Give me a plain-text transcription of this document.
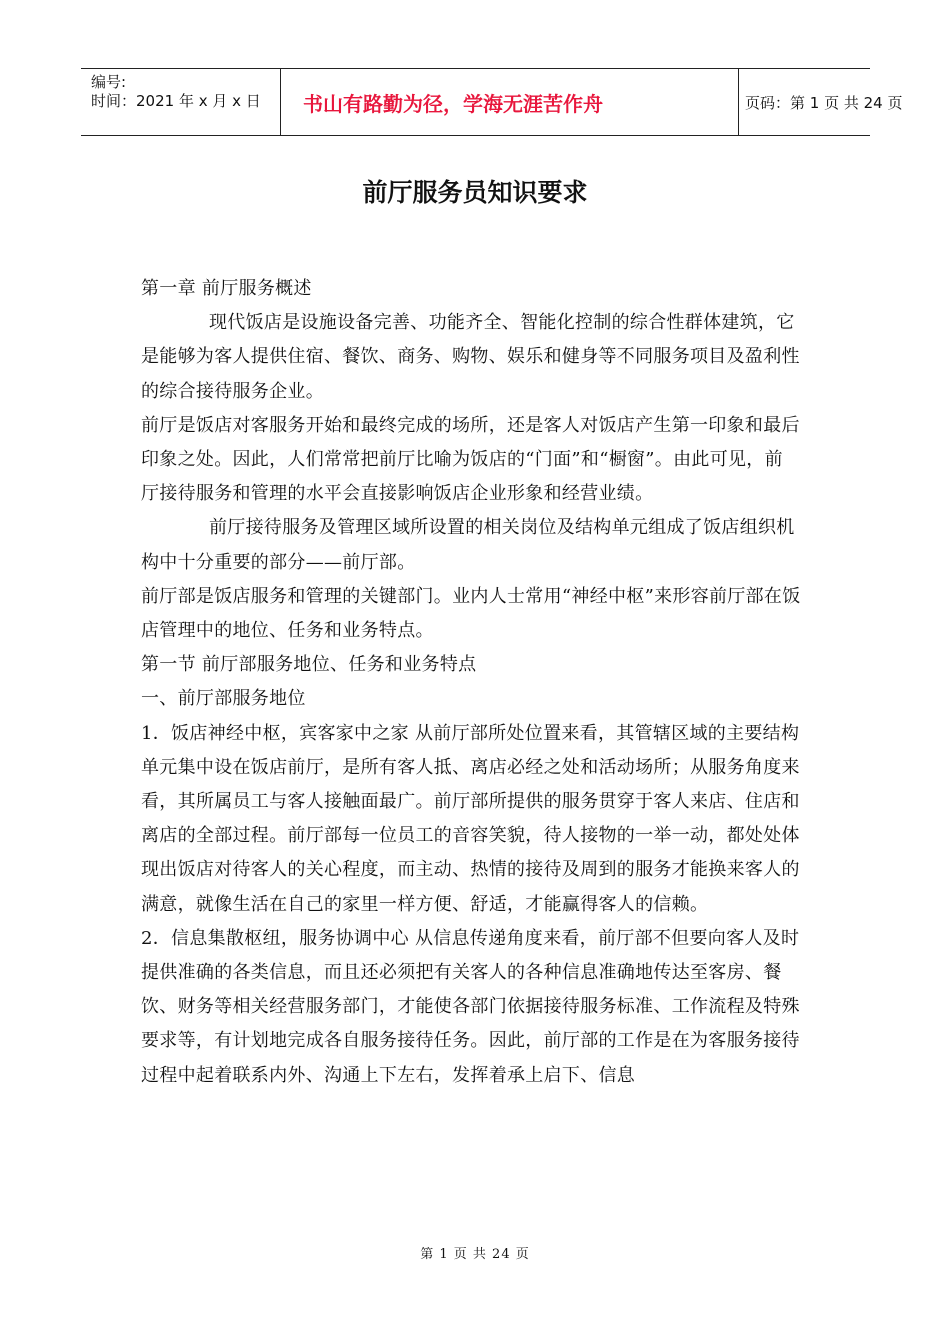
编号:
时间：2021 年 x 月 x 日 书山有路勤为径，学海无涯苦作舟	页码：第 1 页 共 24 页
前厅服务员知识要求

第一章 前厅服务概述

现代饭店是设施设备完善、功能齐全、智能化控制的综合性群体建筑，它是能够为客人提供住宿、餐饮、商务、购物、娱乐和健身等不同服务项目及盈利性的综合接待服务企业。

前厅是饭店对客服务开始和最终完成的场所，还是客人对饭店产生第一印象和最后印象之处。因此，人们常常把前厅比喻为饭店的“门面”和“橱窗”。由此可见，前厅接待服务和管理的水平会直接影响饭店企业形象和经营业绩。

前厅接待服务及管理区域所设置的相关岗位及结构单元组成了饭店组织机构中十分重要的部分——前厅部。

前厅部是饭店服务和管理的关键部门。业内人士常用“神经中枢”来形容前厅部在饭店管理中的地位、任务和业务特点。

第一节 前厅部服务地位、任务和业务特点

一、前厅部服务地位

1．饭店神经中枢，宾客家中之家 从前厅部所处位置来看，其管辖区域的主要结构单元集中设在饭店前厅，是所有客人抵、离店必经之处和活动场所；从服务角度来看，其所属员工与客人接触面最广。前厅部所提供的服务贯穿于客人来店、住店和离店的全部过程。前厅部每一位员工的音容笑貌，待人接物的一举一动，都处处体现出饭店对待客人的关心程度，而主动、热情的接待及周到的服务才能换来客人的满意，就像生活在自己的家里一样方便、舒适，才能赢得客人的信赖。

2．信息集散枢纽，服务协调中心 从信息传递角度来看，前厅部不但要向客人及时提供准确的各类信息，而且还必须把有关客人的各种信息准确地传达至客房、餐饮、财务等相关经营服务部门，才能使各部门依据接待服务标准、工作流程及特殊要求等，有计划地完成各自服务接待任务。因此，前厅部的工作是在为客服务接待过程中起着联系内外、沟通上下左右，发挥着承上启下、信息

第 1 页 共 24 页
